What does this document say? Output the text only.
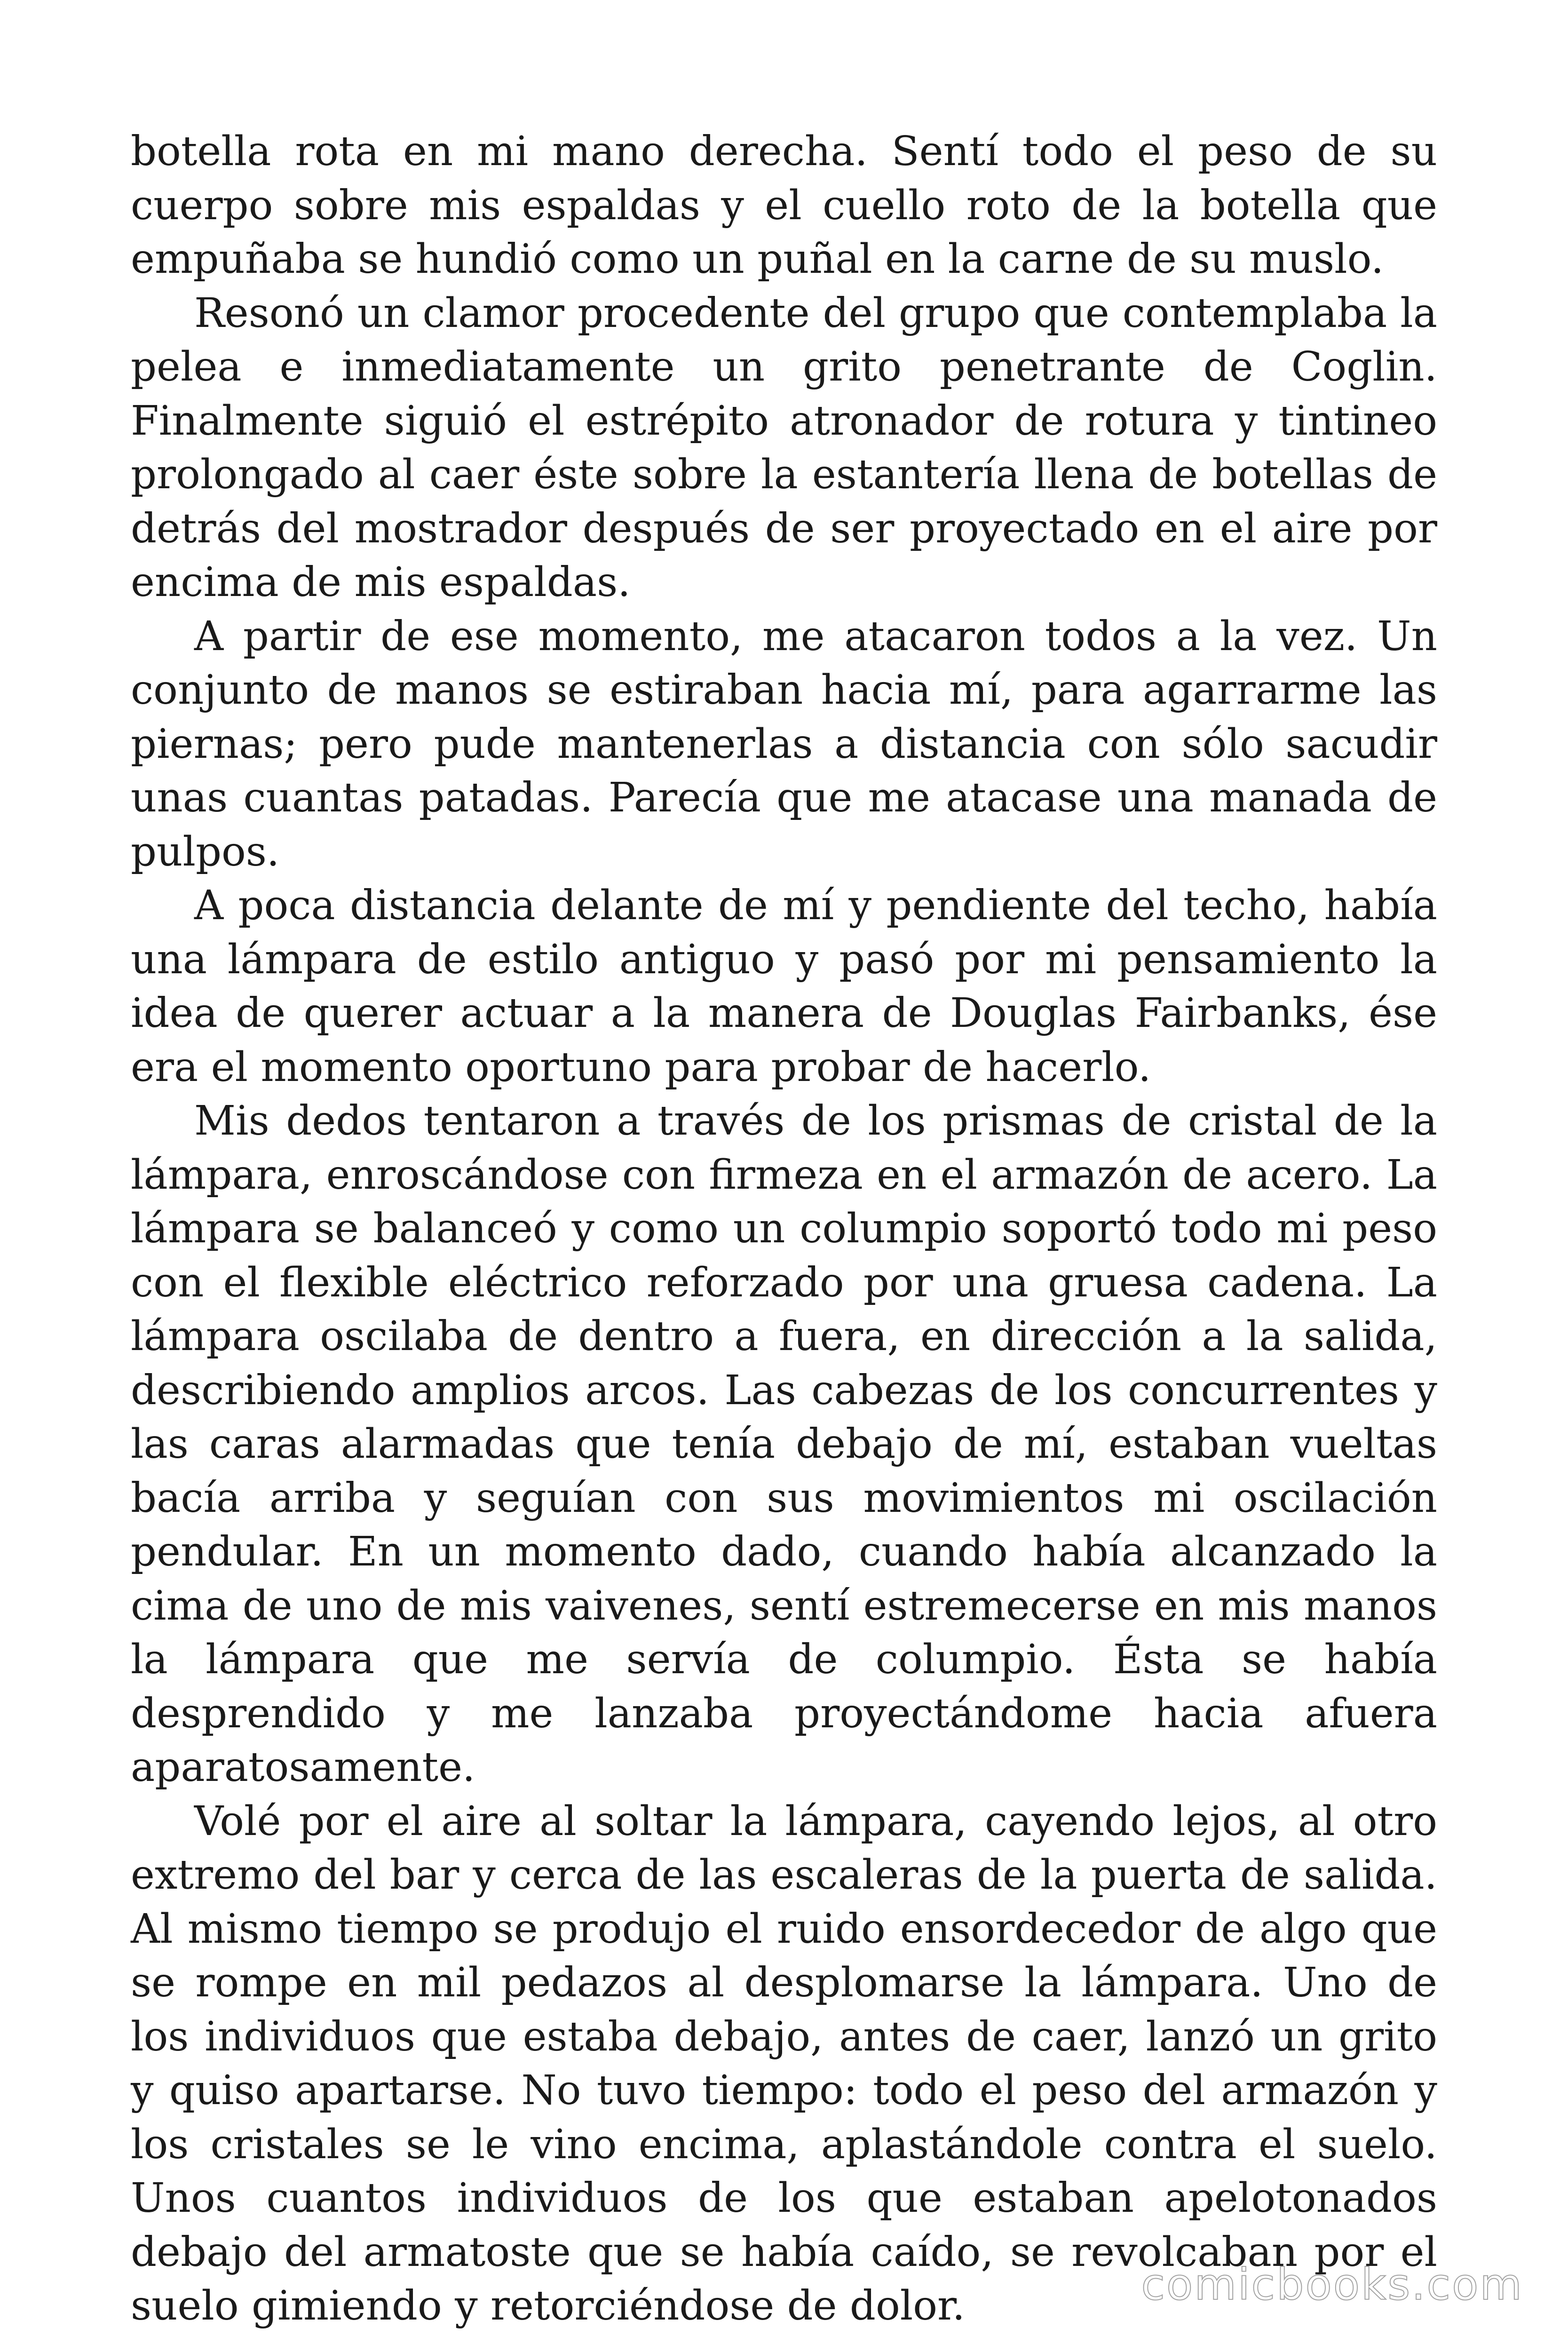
botella rota en mi mano derecha. Sentí todo el peso de su cuerpo sobre mis espaldas y el cuello roto de la botella que empuñaba se hundió como un puñal en la carne de su muslo.

Resonó un clamor procedente del grupo que contemplaba la pelea e inmediatamente un grito penetrante de Coglin. Finalmente siguió el estrépito atronador de rotura y tintineo prolongado al caer éste sobre la estantería llena de botellas de detrás del mostrador después de ser proyectado en el aire por encima de mis espaldas.

A partir de ese momento, me atacaron todos a la vez. Un conjunto de manos se estiraban hacia mí, para agarrarme las piernas; pero pude mantenerlas a distancia con sólo sacudir unas cuantas patadas. Parecía que me atacase una manada de pulpos.

A poca distancia delante de mí y pendiente del techo, había una lámpara de estilo antiguo y pasó por mi pensamiento la idea de querer actuar a la manera de Douglas Fairbanks, ése era el momento oportuno para probar de hacerlo.

Mis dedos tentaron a través de los prismas de cristal de la lámpara, enroscándose con firmeza en el armazón de acero. La lámpara se balanceó y como un columpio soportó todo mi peso con el flexible eléctrico reforzado por una gruesa cadena. La lámpara oscilaba de dentro a fuera, en dirección a la salida, describiendo amplios arcos. Las cabezas de los concurrentes y las caras alarmadas que tenía debajo de mí, estaban vueltas bacía arriba y seguían con sus movimientos mi oscilación pendular. En un momento dado, cuando había alcanzado la cima de uno de mis vaivenes, sentí estremecerse en mis manos la lámpara que me servía de columpio. Ésta se había desprendido y me lanzaba proyectándome hacia afuera aparatosamente.

Volé por el aire al soltar la lámpara, cayendo lejos, al otro extremo del bar y cerca de las escaleras de la puerta de salida. Al mismo tiempo se produjo el ruido ensordecedor de algo que se rompe en mil pedazos al desplomarse la lámpara. Uno de los individuos que estaba debajo, antes de caer, lanzó un grito y quiso apartarse. No tuvo tiempo: todo el peso del armazón y los cristales se le vino encima, aplastándole contra el suelo. Unos cuantos individuos de los que estaban apelotonados debajo del armatoste que se había caído, se revolcaban por el suelo gimiendo y retorciéndose de dolor.	comicbooks.com
